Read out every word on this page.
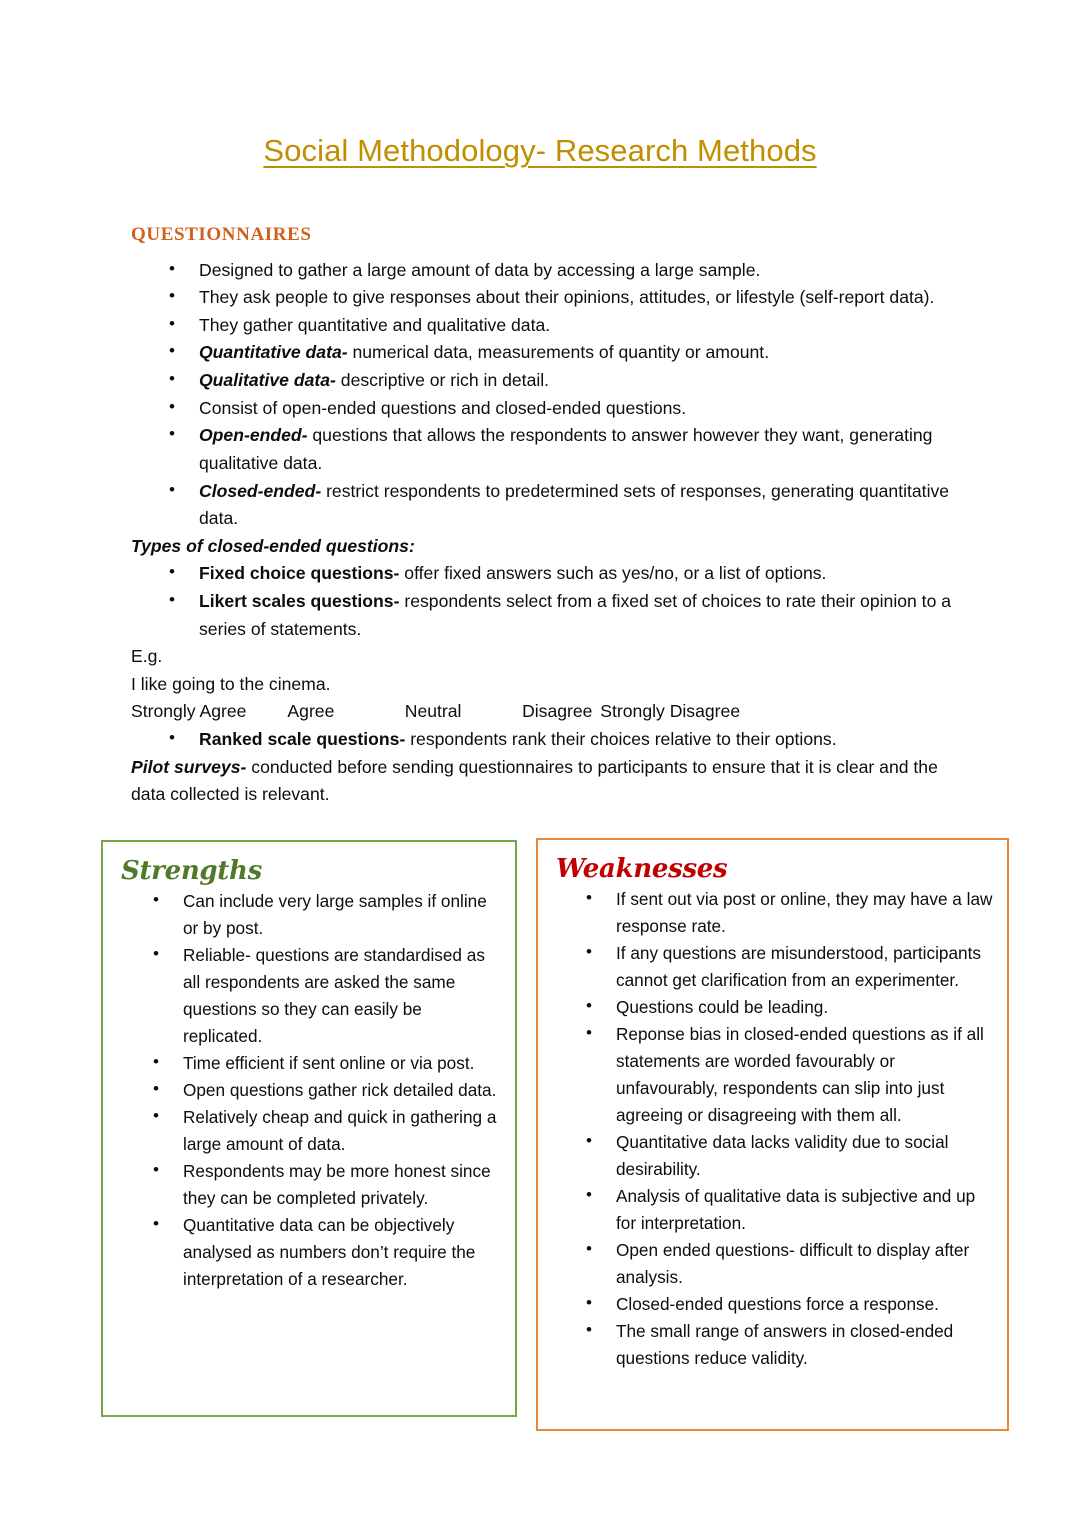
Social Methodology- Research Methods
questionnaires
• Designed to gather a large amount of data by accessing a large sample.
• They ask people to give responses about their opinions, attitudes, or lifestyle (self-report data).
• They gather quantitative and qualitative data.
• Quantitative data- numerical data, measurements of quantity or amount.
• Qualitative data- descriptive or rich in detail.
• Consist of open-ended questions and closed-ended questions.
• Open-ended- questions that allows the respondents to answer however they want, generating qualitative data.
• Closed-ended- restrict respondents to predetermined sets of responses, generating quantitative data.

Types of closed-ended questions:

• Fixed choice questions- offer fixed answers such as yes/no, or a list of options.
• Likert scales questions- respondents select from a fixed set of choices to rate their opinion to a series of statements.

E.g.

I like going to the cinema.

Strongly Agree	Agree		Neutral		Disagree	Strongly Disagree

• Ranked scale questions- respondents rank their choices relative to their options.

Pilot surveys- conducted before sending questionnaires to participants to ensure that it is clear and the data collected is relevant.

Strengths

• Can include very large samples if online or by post.
• Reliable- questions are standardised as all respondents are asked the same questions so they can easily be replicated.
• Time efficient if sent online or via post.
• Open questions gather rick detailed data.
• Relatively cheap and quick in gathering a large amount of data.
• Respondents may be more honest since they can be completed privately.
• Quantitative data can be objectively analysed as numbers don’t require the interpretation of a researcher.

Weaknesses

• If sent out via post or online, they may have a law response rate.
• If any questions are misunderstood, participants cannot get clarification from an experimenter.
• Questions could be leading.
• Reponse bias in closed-ended questions as if all statements are worded favourably or unfavourably, respondents can slip into just agreeing or disagreeing with them all.
• Quantitative data lacks validity due to social desirability.
• Analysis of qualitative data is subjective and up for interpretation.
• Open ended questions- difficult to display after analysis.
• Closed-ended questions force a response.
• The small range of answers in closed-ended questions reduce validity.
